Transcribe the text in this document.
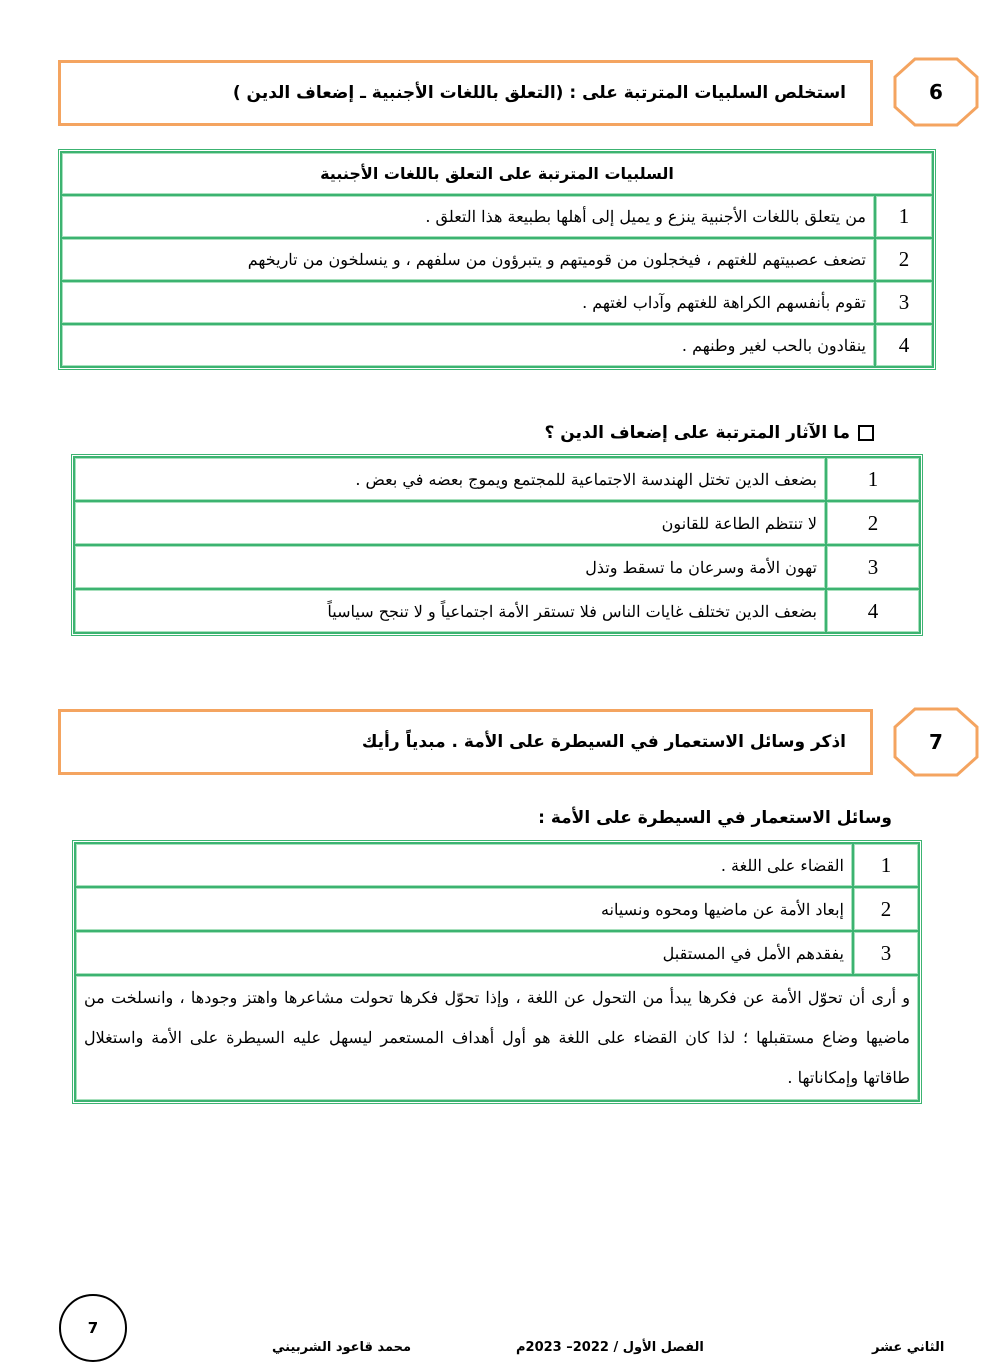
استخلص السلبيات المترتبة على : (التعلق باللغات الأجنبية ـ إضعاف الدين )	6
السلبيات المترتبة على التعلق باللغات الأجنبية	
1	من يتعلق باللغات الأجنبية ينزع و يميل إلى أهلها بطبيعة هذا التعلق .
2	تضعف عصبيتهم للغتهم ، فيخجلون من قوميتهم و يتبرؤون من سلفهم ، و ينسلخون من تاريخهم
3	تقوم بأنفسهم الكراهة للغتهم وآداب لغتهم .
4	ينقادون بالحب لغير وطنهم .
ما الآثار المترتبة على إضعاف الدين ؟
1	بضعف الدين تختل الهندسة الاجتماعية للمجتمع ويموج بعضه في بعض .
2	لا تنتظم الطاعة للقانون
3	تهون الأمة وسرعان ما تسقط وتذل
4	بضعف الدين تختلف غايات الناس فلا تستقر الأمة اجتماعياً و لا تنجح سياسياً
اذكر وسائل الاستعمار في السيطرة على الأمة . مبدياً رأيك	7
وسائل الاستعمار في السيطرة على الأمة :
1	القضاء على اللغة .
2	إبعاد الأمة عن ماضيها ومحوه ونسيانه
3	يفقدهم الأمل في المستقبل
و أرى أن تحوّل الأمة عن فكرها يبدأ من التحول عن اللغة ، وإذا تحوّل فكرها تحولت مشاعرها واهتز وجودها ، وانسلخت من ماضيها وضاع مستقبلها ؛ لذا كان القضاء على اللغة هو أول أهداف المستعمر ليسهل عليه السيطرة على الأمة واستغلال طاقاتها وإمكاناتها .	
7
محمد قاعود الشربيني	الفصل الأول / 2022– 2023م	الثاني عشر
